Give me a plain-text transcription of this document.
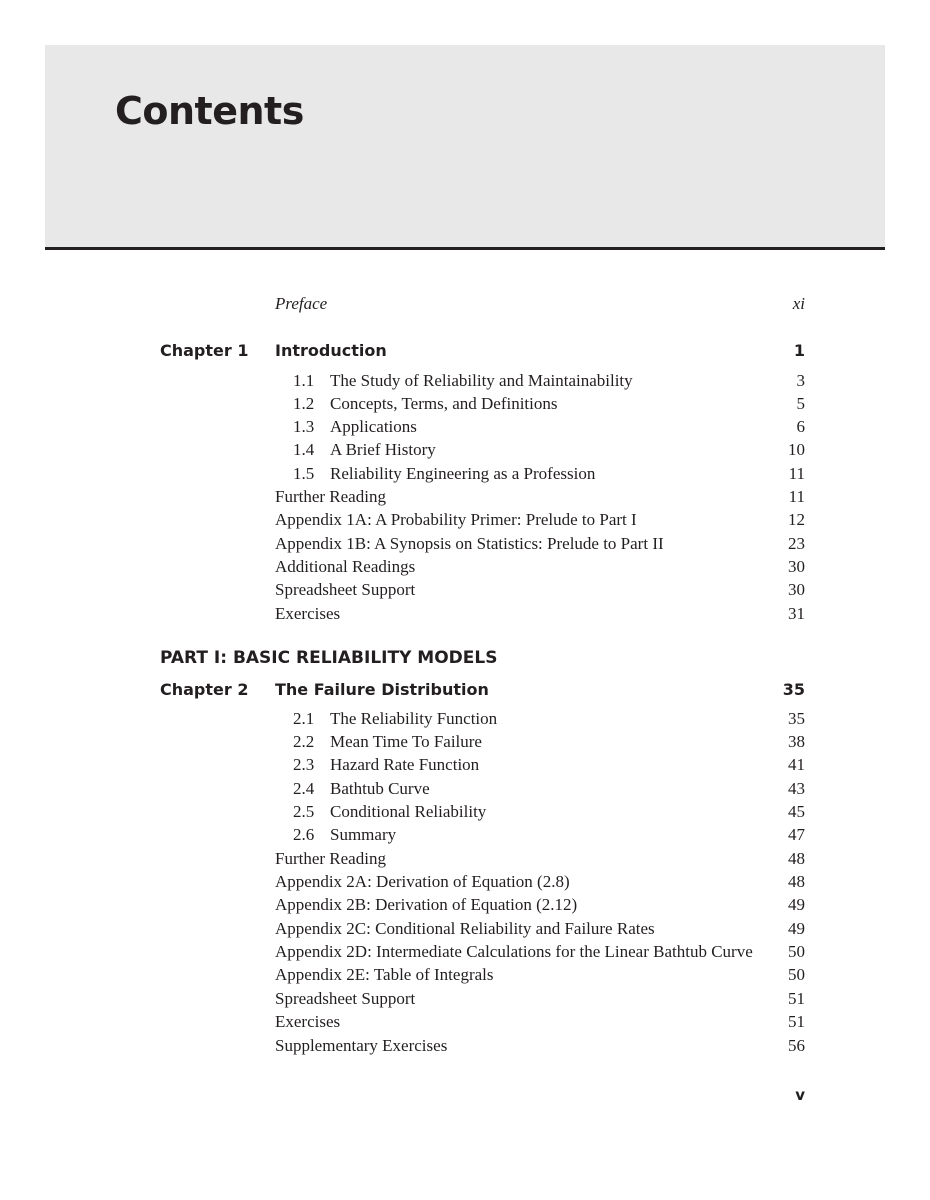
Contents
Preface	xi
Chapter 1 Introduction	1
1.1 The Study of Reliability and Maintainability	3
1.2 Concepts, Terms, and Definitions	5
1.3 Applications	6
1.4 A Brief History	10
1.5 Reliability Engineering as a Profession	11
Further Reading	11
Appendix 1A: A Probability Primer: Prelude to Part I	12
Appendix 1B: A Synopsis on Statistics: Prelude to Part II	23
Additional Readings	30
Spreadsheet Support	30
Exercises	31
PART I: BASIC RELIABILITY MODELS
Chapter 2 The Failure Distribution	35
2.1 The Reliability Function	35
2.2 Mean Time To Failure	38
2.3 Hazard Rate Function	41
2.4 Bathtub Curve	43
2.5 Conditional Reliability	45
2.6 Summary	47
Further Reading	48
Appendix 2A: Derivation of Equation (2.8)	48
Appendix 2B: Derivation of Equation (2.12)	49
Appendix 2C: Conditional Reliability and Failure Rates	49
Appendix 2D: Intermediate Calculations for the Linear Bathtub Curve 50
Appendix 2E: Table of Integrals	50
Spreadsheet Support	51
Exercises	51
Supplementary Exercises	56
v
